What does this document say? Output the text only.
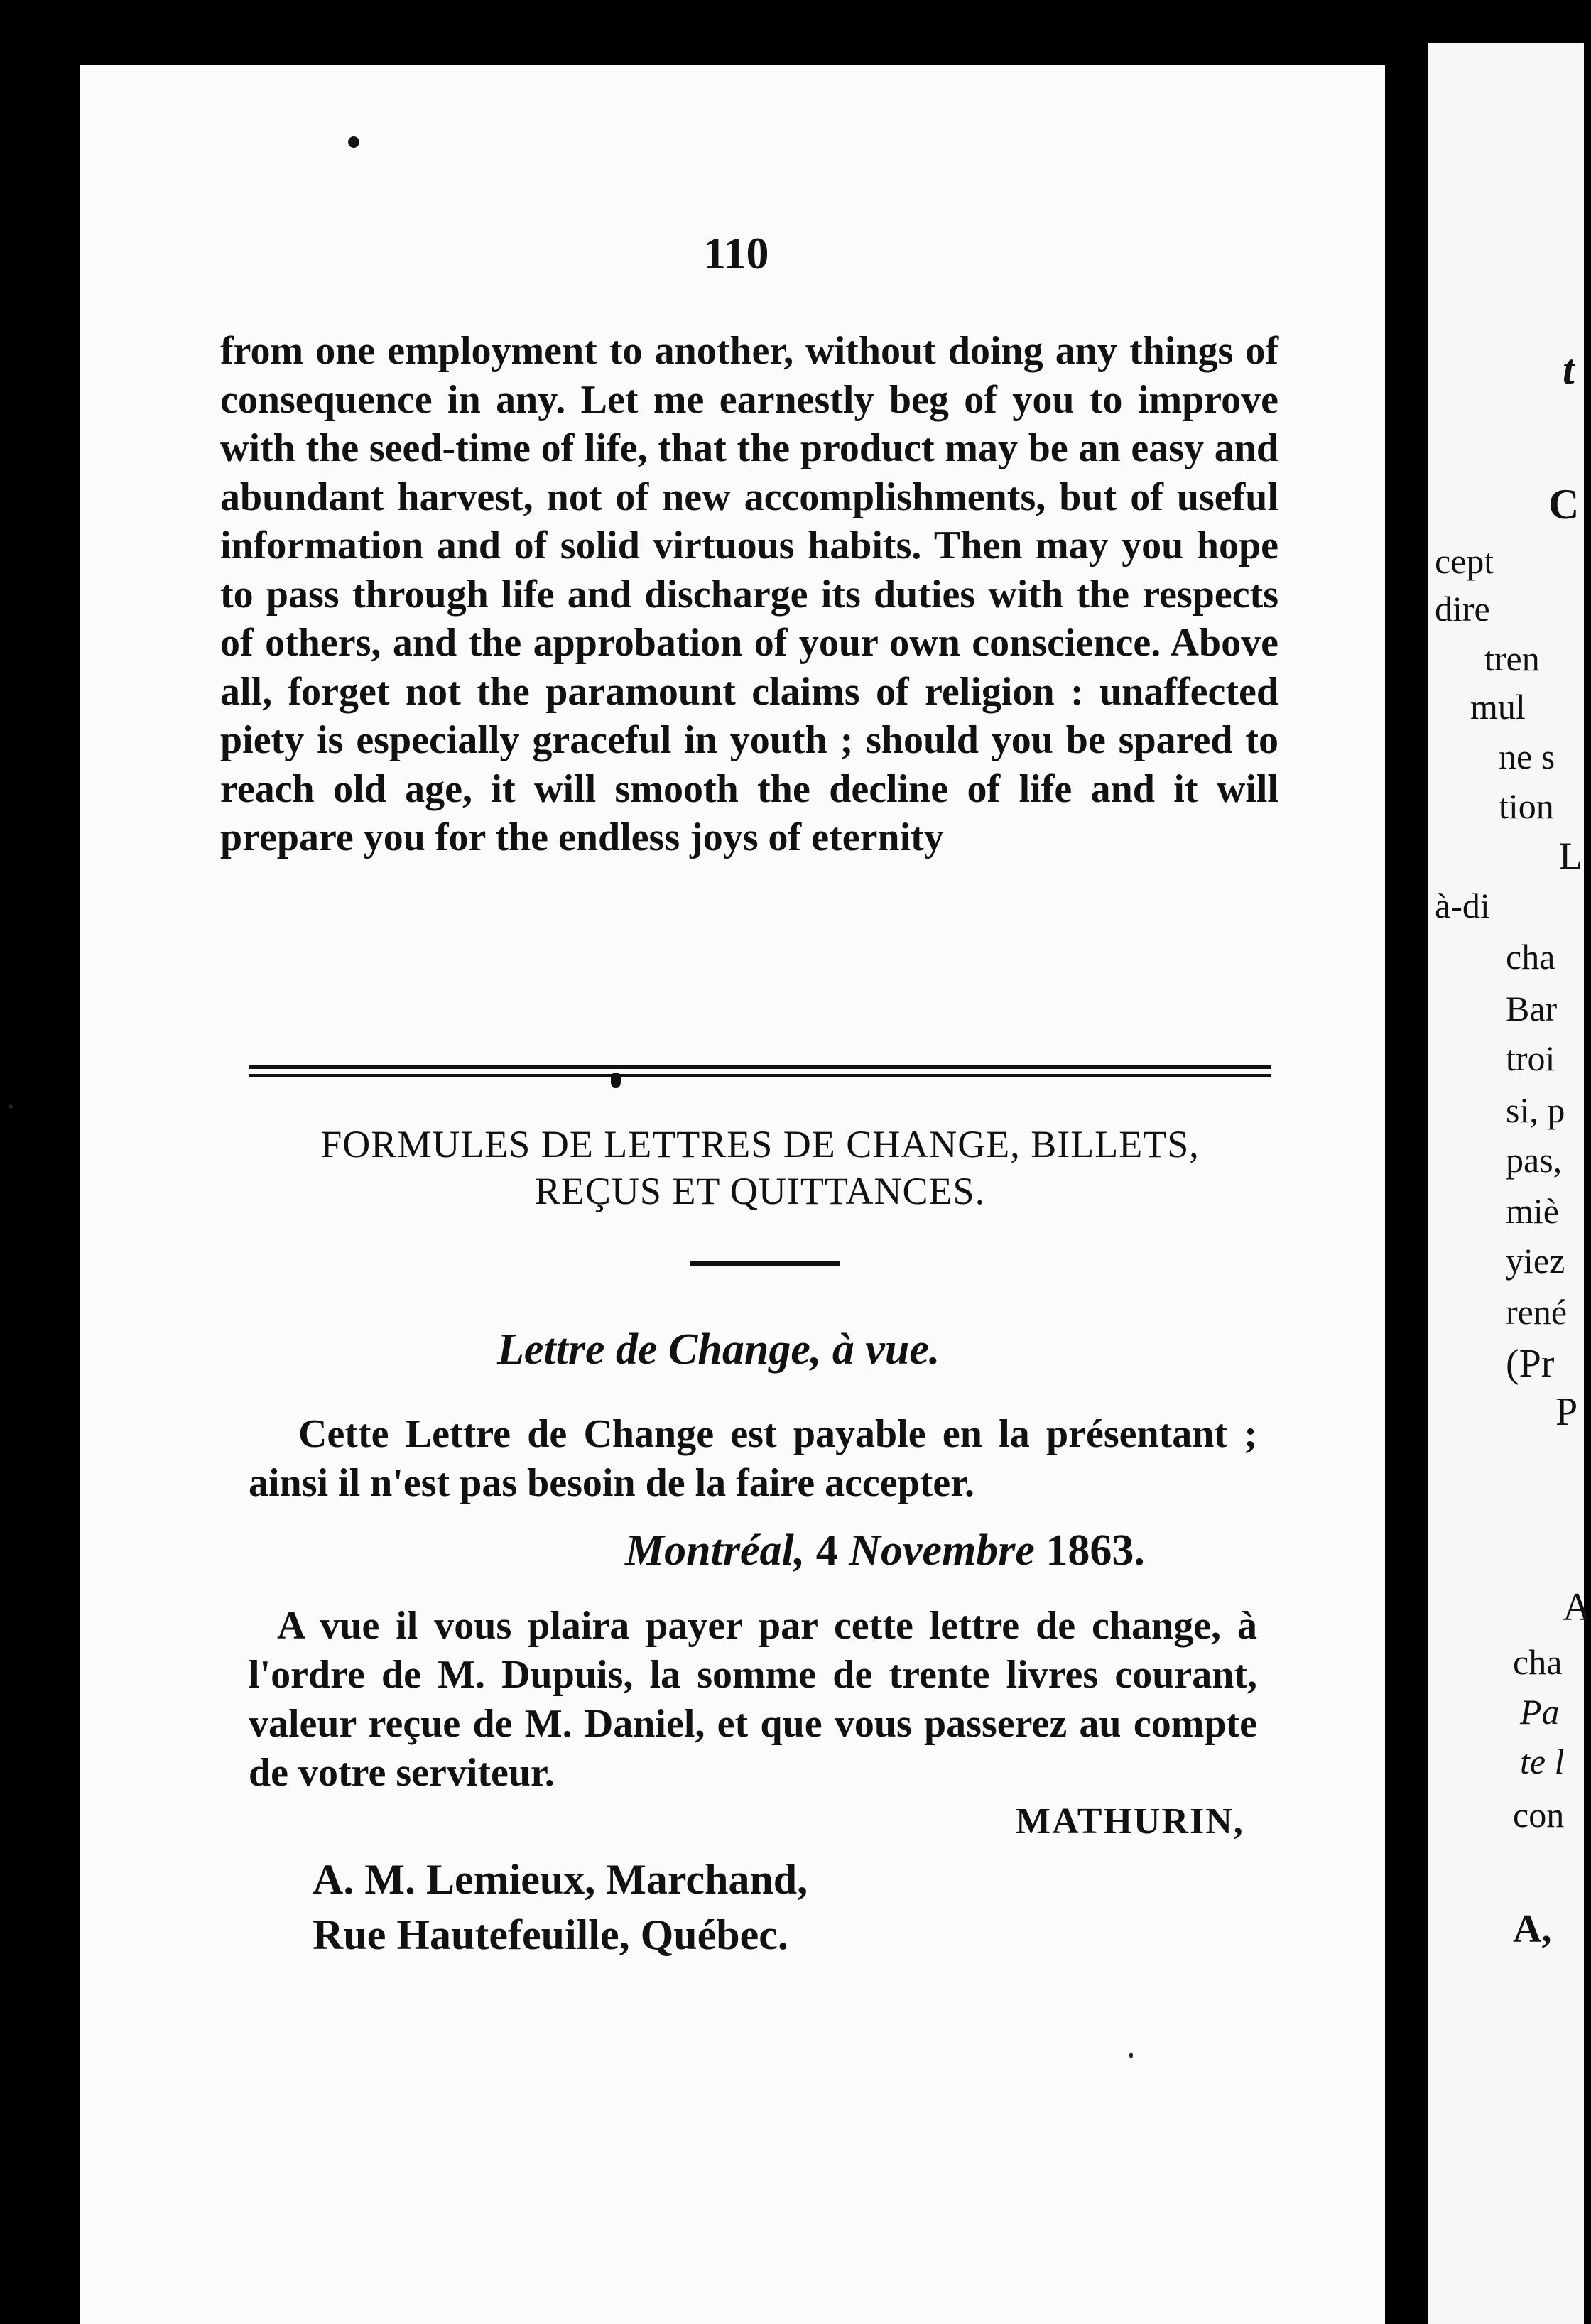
t
C
cept
dire
tren
mul
ne s
tion
L
à-di
cha
Bar
troi
si, p
pas,
miè
yiez
rené
(Pr
P
A
cha
Pa
te l
con
A,
110

from one employment to another, without doing any things of consequence in any. Let me earnestly beg of you to improve with the seed-time of life, that the product may be an easy and abundant harvest, not of new accomplishments, but of useful information and of solid virtuous habits. Then may you hope to pass through life and discharge its duties with the respects of others, and the approbation of your own conscience. Above all, forget not the paramount claims of religion : unaffected piety is especially graceful in youth ; should you be spared to reach old age, it will smooth the decline of life and it will prepare you for the endless joys of eternity

FORMULES DE LETTRES DE CHANGE, BILLETS,
REÇUS ET QUITTANCES.
Lettre de Change, à vue.

Cette Lettre de Change est payable en la présentant ; ainsi il n'est pas besoin de la faire accepter.

Montréal, 4 Novembre 1863.

A vue il vous plaira payer par cette lettre de change, à l'ordre de M. Dupuis, la somme de trente livres courant, valeur reçue de M. Daniel, et que vous passerez au compte de votre serviteur.

MATHURIN,
A. M. Lemieux, Marchand,
Rue Hautefeuille, Québec.
